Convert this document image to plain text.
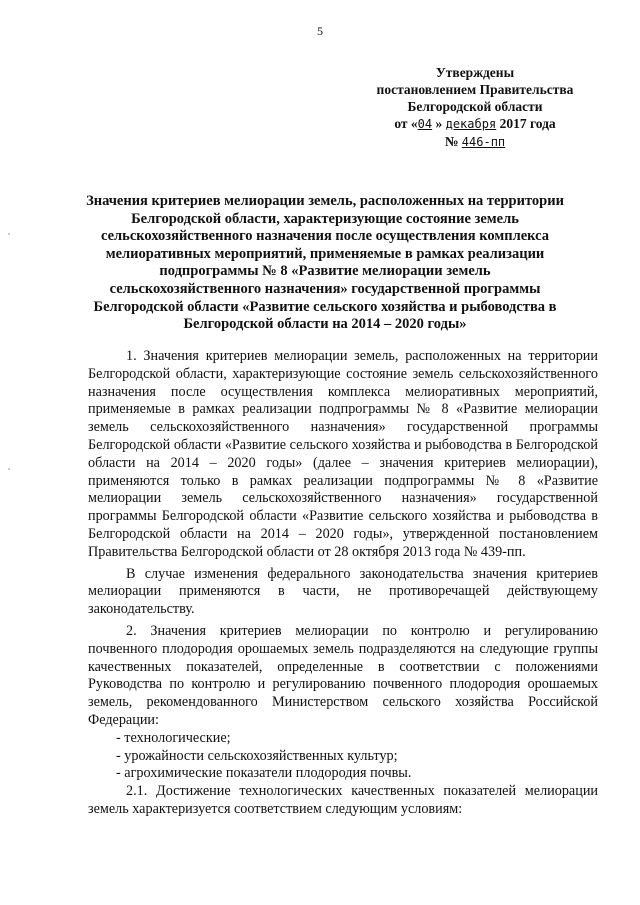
5
Утверждены
постановлением Правительства
Белгородской области
от «04 » декабря 2017 года
№ 446-пп
Значения критериев мелиорации земель, расположенных на территории Белгородской области, характеризующие состояние земель сельскохозяйственного назначения после осуществления комплекса мелиоративных мероприятий, применяемые в рамках реализации подпрограммы № 8 «Развитие мелиорации земель сельскохозяйственного назначения» государственной программы Белгородской области «Развитие сельского хозяйства и рыбоводства в Белгородской области на 2014 – 2020 годы»

1. Значения критериев мелиорации земель, расположенных на территории Белгородской области, характеризующие состояние земель сельскохозяйственного назначения после осуществления комплекса мелиоративных мероприятий, применяемые в рамках реализации подпрограммы № 8 «Развитие мелиорации земель сельскохозяйственного назначения» государственной программы Белгородской области «Развитие сельского хозяйства и рыбоводства в Белгородской области на 2014 – 2020 годы» (далее – значения критериев мелиорации), применяются только в рамках реализации подпрограммы № 8 «Развитие мелиорации земель сельскохозяйственного назначения» государственной программы Белгородской области «Развитие сельского хозяйства и рыбоводства в Белгородской области на 2014 – 2020 годы», утвержденной постановлением Правительства Белгородской области от 28 октября 2013 года № 439-пп.

В случае изменения федерального законодательства значения критериев мелиорации применяются в части, не противоречащей действующему законодательству.

2. Значения критериев мелиорации по контролю и регулированию почвенного плодородия орошаемых земель подразделяются на следующие группы качественных показателей, определенные в соответствии с положениями Руководства по контролю и регулированию почвенного плодородия орошаемых земель, рекомендованного Министерством сельского хозяйства Российской Федерации:

- технологические;

- урожайности сельскохозяйственных культур;

- агрохимические показатели плодородия почвы.

2.1. Достижение технологических качественных показателей мелиорации земель характеризуется соответствием следующим условиям:
